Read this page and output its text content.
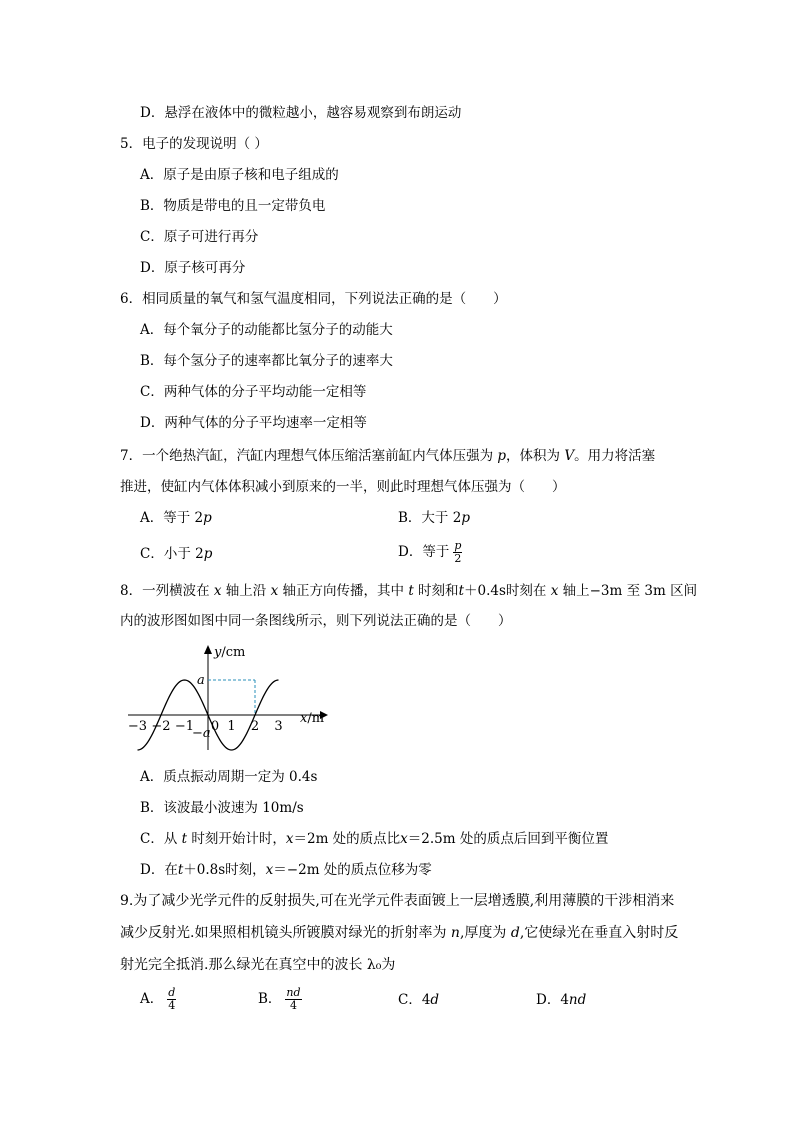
D．悬浮在液体中的微粒越小，越容易观察到布朗运动
5．电子的发现说明（ ）
A．原子是由原子核和电子组成的
B．物质是带电的且一定带负电
C．原子可进行再分
D．原子核可再分
6．相同质量的氧气和氢气温度相同，下列说法正确的是（　　）
A．每个氧分子的动能都比氢分子的动能大
B．每个氢分子的速率都比氧分子的速率大
C．两种气体的分子平均动能一定相等
D．两种气体的分子平均速率一定相等
7．一个绝热汽缸，汽缸内理想气体压缩活塞前缸内气体压强为 p，体积为 V。用力将活塞
推进，使缸内气体体积减小到原来的一半，则此时理想气体压强为（　　）
A．等于 2p	B．大于 2p
C．小于 2p	D．等于 $\frac{p}{2}$
8．一列横波在 x 轴上沿 x 轴正方向传播，其中 t 时刻和t＋0.4s时刻在 x 轴上−3m 至 3m 区间
内的波形图如图中同一条图线所示，则下列说法正确的是（　　）
y/cm
x/m
a
−a
−3 −2 −1 0 1 2 3
A．质点振动周期一定为 0.4s
B．该波最小波速为 10m/s
C．从 t 时刻开始计时，x＝2m 处的质点比x＝2.5m 处的质点后回到平衡位置
D．在t＋0.8s时刻，x＝−2m 处的质点位移为零
9.为了减少光学元件的反射损失,可在光学元件表面镀上一层增透膜,利用薄膜的干涉相消来
减少反射光.如果照相机镜头所镀膜对绿光的折射率为 n,厚度为 d,它使绿光在垂直入射时反
射光完全抵消.那么绿光在真空中的波长 λ₀为
A． $\frac{d}{4}$	B． $\frac{nd}{4}$	C．4d	D．4nd
